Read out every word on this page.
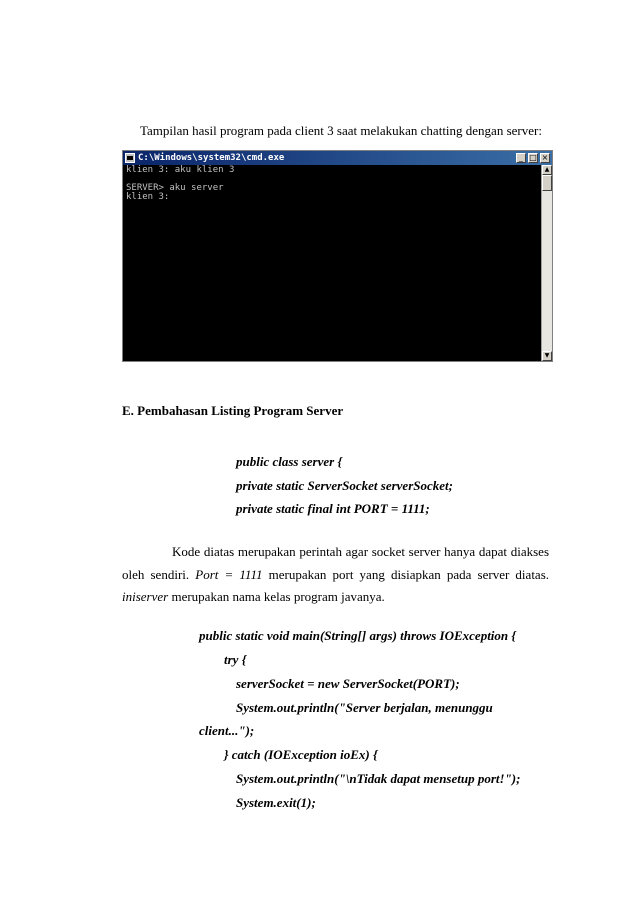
Tampilan hasil program pada client 3 saat melakukan chatting dengan server:
C:\Windows\system32\cmd.exe	_ □ ×
klien 3: aku klien 3

SERVER> aku server
klien 3:
▲
▼
E. Pembahasan Listing Program Server
public class server {
private static ServerSocket serverSocket;
private static final int PORT = 1111;
Kode diatas merupakan perintah agar socket server hanya dapat diakses
oleh sendiri. Port = 1111 merupakan port yang disiapkan pada server diatas.
iniserver merupakan nama kelas program javanya.
public static void main(String[] args) throws IOException {
try {
serverSocket = new ServerSocket(PORT);
System.out.println("Server berjalan, menunggu
client...");
} catch (IOException ioEx) {
System.out.println("\nTidak dapat mensetup port!");
System.exit(1);
